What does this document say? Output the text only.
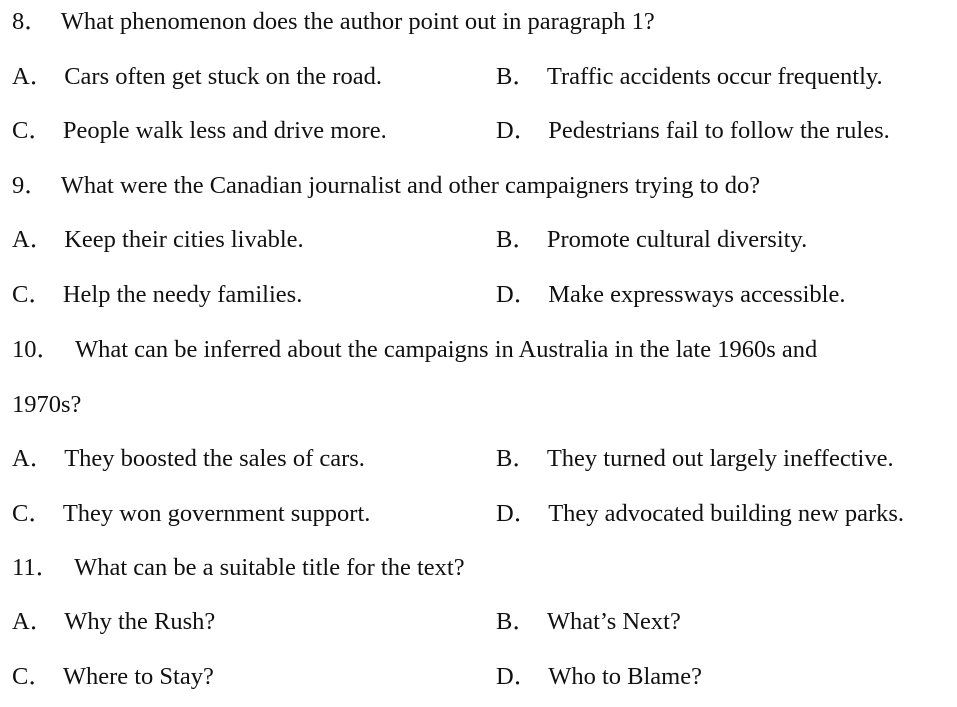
8． What phenomenon does the author point out in paragraph 1?
A． Cars often get stuck on the road.	B． Traffic accidents occur frequently.
C． People walk less and drive more.	D． Pedestrians fail to follow the rules.
9． What were the Canadian journalist and other campaigners trying to do?
A． Keep their cities livable.	B． Promote cultural diversity.
C． Help the needy families.	D． Make expressways accessible.
10． What can be inferred about the campaigns in Australia in the late 1960s and
1970s?
A． They boosted the sales of cars.	B． They turned out largely ineffective.
C． They won government support.	D． They advocated building new parks.
11． What can be a suitable title for the text?
A． Why the Rush?	B． What’s Next?
C． Where to Stay?	D． Who to Blame?
